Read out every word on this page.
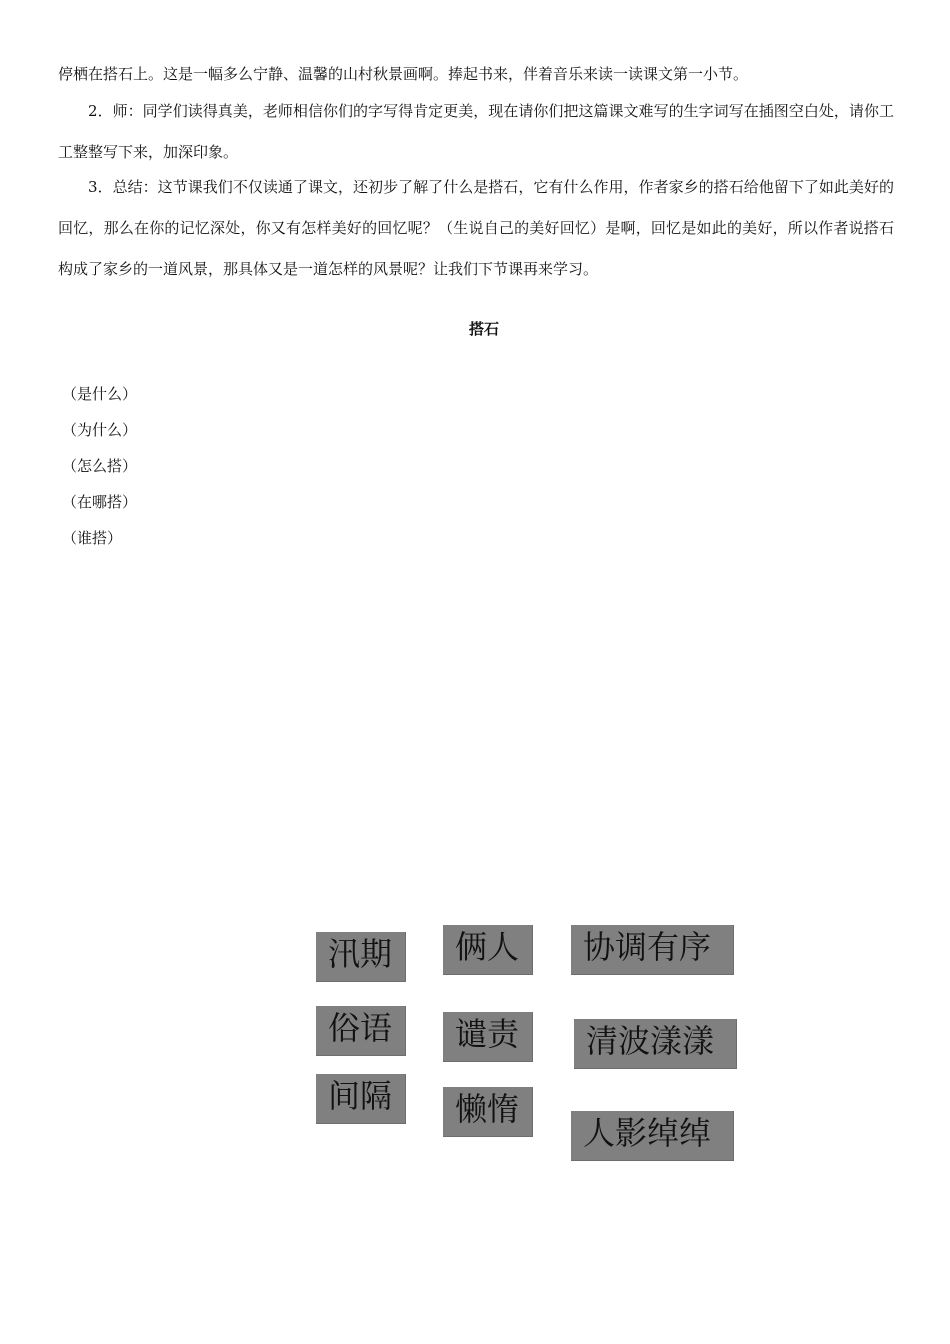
停栖在搭石上。这是一幅多么宁静、温馨的山村秋景画啊。捧起书来，伴着音乐来读一读课文第一小节。
2．师：同学们读得真美，老师相信你们的字写得肯定更美，现在请你们把这篇课文难写的生字词写在插图空白处，请你工工整整写下来，加深印象。
3．总结：这节课我们不仅读通了课文，还初步了解了什么是搭石，它有什么作用，作者家乡的搭石给他留下了如此美好的回忆，那么在你的记忆深处，你又有怎样美好的回忆呢？（生说自己的美好回忆）是啊，回忆是如此的美好，所以作者说搭石构成了家乡的一道风景，那具体又是一道怎样的风景呢？让我们下节课再来学习。
搭石
（是什么）
（为什么）
（怎么搭）
（在哪搭）
（谁搭）
汛期	俩人	协调有序
俗语	谴责	清波漾漾
间隔	懒惰
人影绰绰
